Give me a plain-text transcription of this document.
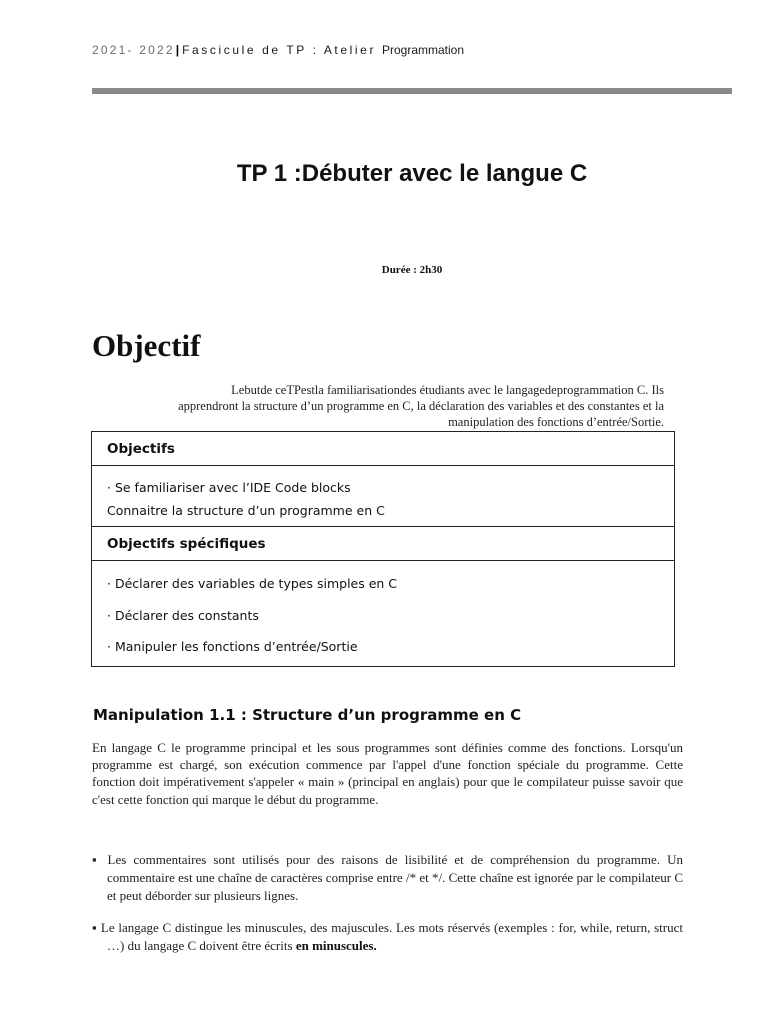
2021- 2022| Fascicule de TP : Atelier Programmation
TP 1 :Débuter avec le langue C
Durée : 2h30
Objectif
Lebutde ceTPestla familiarisationdes étudiants avec le langagedeprogrammation C. Ils
apprendront la structure d’un programme en C, la déclaration des variables et des constantes et la
manipulation des fonctions d’entrée/Sortie.
Objectifs
· Se familiariser avec l’IDE Code blocks
Connaitre la structure d’un programme en C
Objectifs spécifiques
· Déclarer des variables de types simples en C
· Déclarer des constants
· Manipuler les fonctions d’entrée/Sortie
Manipulation 1.1 : Structure d’un programme en C
En langage C le programme principal et les sous programmes sont définies comme des fonctions. Lorsqu'un programme est chargé, son exécution commence par l'appel d'une fonction spéciale du programme. Cette fonction doit impérativement s'appeler « main » (principal en anglais) pour que le compilateur puisse savoir que c'est cette fonction qui marque le début du programme.
▪ Les commentaires sont utilisés pour des raisons de lisibilité et de compréhension du programme. Un commentaire est une chaîne de caractères comprise entre /* et */. Cette chaîne est ignorée par le compilateur C et peut déborder sur plusieurs lignes.
▪ Le langage C distingue les minuscules, des majuscules. Les mots réservés (exemples : for, while, return, struct …) du langage C doivent être écrits en minuscules.
